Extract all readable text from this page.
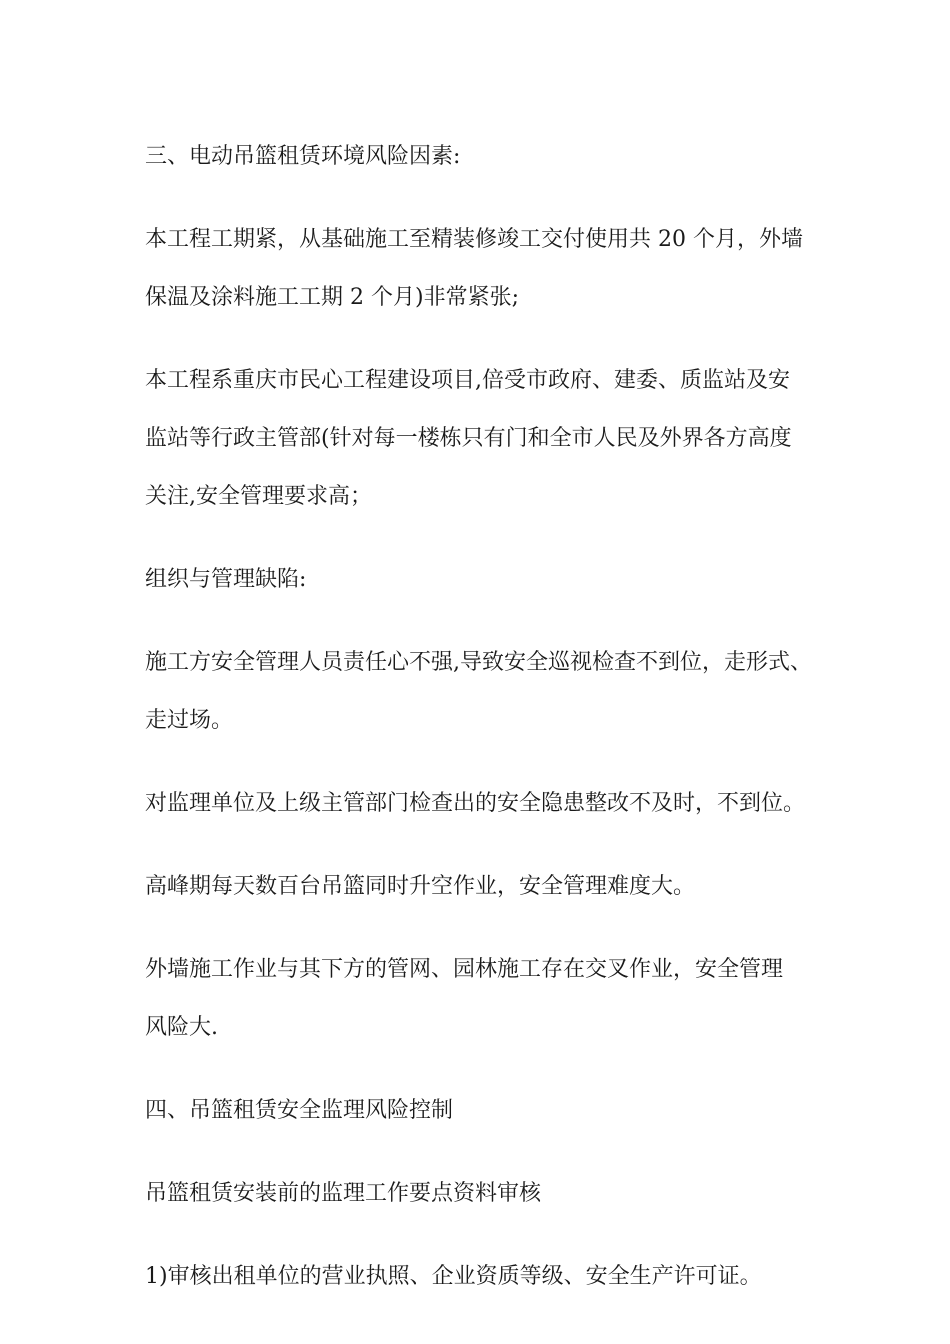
三、电动吊篮租赁环境风险因素:

本工程工期紧，从基础施工至精装修竣工交付使用共 20 个月，外墙
保温及涂料施工工期 2 个月)非常紧张;

本工程系重庆市民心工程建设项目,倍受市政府、建委、质监站及安
监站等行政主管部(针对每一楼栋只有门和全市人民及外界各方高度
关注,安全管理要求高；

组织与管理缺陷:

施工方安全管理人员责任心不强,导致安全巡视检查不到位，走形式、
走过场。

对监理单位及上级主管部门检查出的安全隐患整改不及时，不到位。

高峰期每天数百台吊篮同时升空作业，安全管理难度大。

外墙施工作业与其下方的管网、园林施工存在交叉作业，安全管理
风险大.

四、吊篮租赁安全监理风险控制

吊篮租赁安装前的监理工作要点资料审核

1)审核出租单位的营业执照、企业资质等级、安全生产许可证。
